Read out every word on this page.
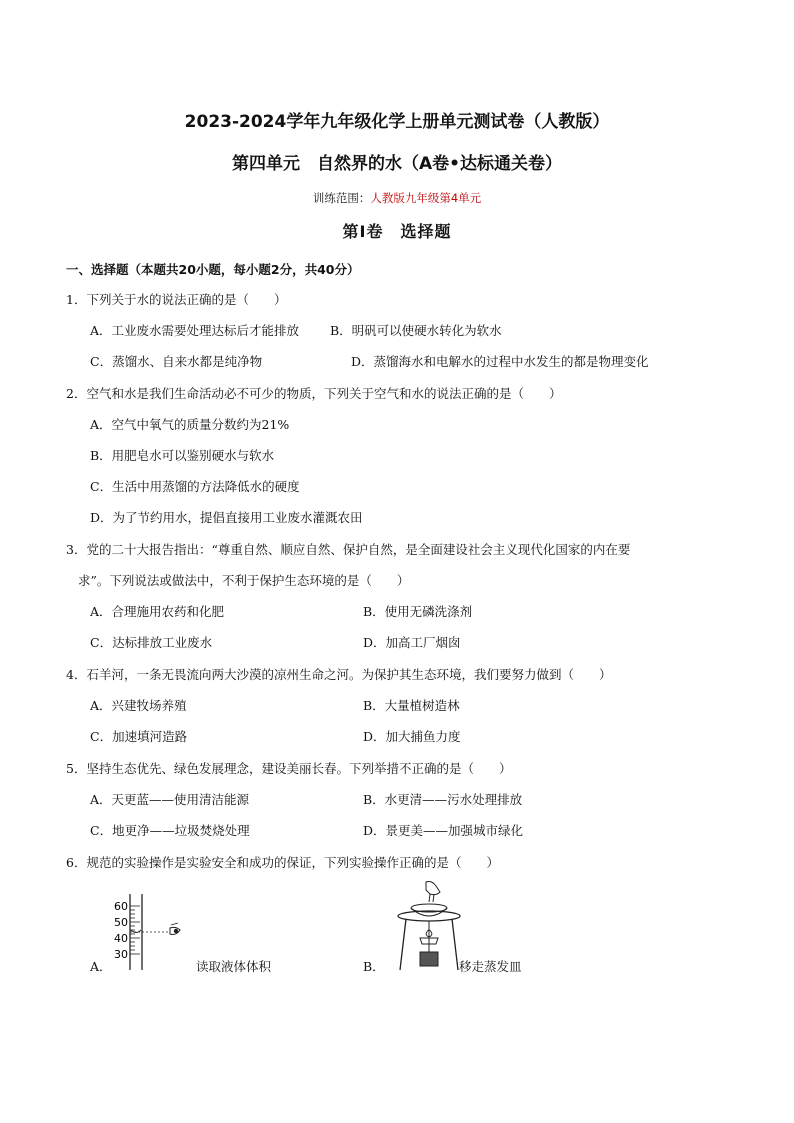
2023-2024学年九年级化学上册单元测试卷（人教版）
第四单元　自然界的水（A卷•达标通关卷）
训练范围：人教版九年级第4单元
第Ⅰ卷　选择题
一、选择题（本题共20小题，每小题2分，共40分）
1．下列关于水的说法正确的是（　　）
A．工业废水需要处理达标后才能排放 B．明矾可以使硬水转化为软水
C．蒸馏水、自来水都是纯净物	D．蒸馏海水和电解水的过程中水发生的都是物理变化
2．空气和水是我们生命活动必不可少的物质，下列关于空气和水的说法正确的是（　　）
A．空气中氧气的质量分数约为21%
B．用肥皂水可以鉴别硬水与软水
C．生活中用蒸馏的方法降低水的硬度
D．为了节约用水，提倡直接用工业废水灌溉农田
3．党的二十大报告指出：“尊重自然、顺应自然、保护自然，是全面建设社会主义现代化国家的内在要
求”。下列说法或做法中，不利于保护生态环境的是（　　）
A．合理施用农药和化肥	B．使用无磷洗涤剂
C．达标排放工业废水	D．加高工厂烟囱
4．石羊河，一条无畏流向两大沙漠的凉州生命之河。为保护其生态环境，我们要努力做到（　　）
A．兴建牧场养殖	B．大量植树造林
C．加速填河造路	D．加大捕鱼力度
5．坚持生态优先、绿色发展理念，建设美丽长春。下列举措不正确的是（　　）
A．天更蓝——使用清洁能源	B．水更清——污水处理排放
C．地更净——垃圾焚烧处理	D．景更美——加强城市绿化
6．规范的实验操作是实验安全和成功的保证，下列实验操作正确的是（　　）
A．
60
50
40
30
读取液体体积	B．	移走蒸发皿
